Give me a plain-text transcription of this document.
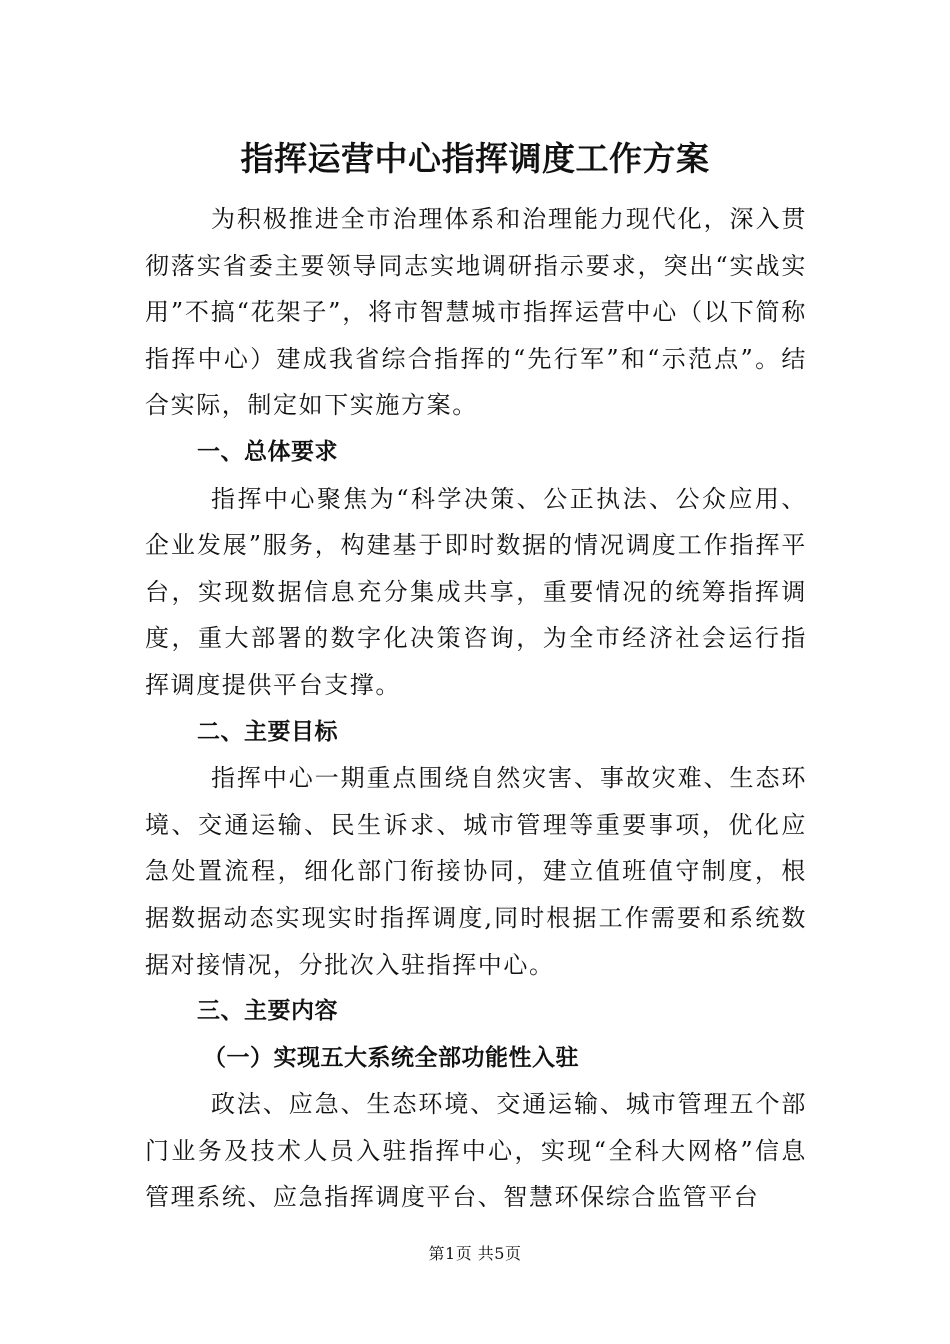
指挥运营中心指挥调度工作方案

为积极推进全市治理体系和治理能力现代化，深入贯彻落实省委主要领导同志实地调研指示要求，突出“实战实用”不搞“花架子”，将市智慧城市指挥运营中心（以下简称指挥中心）建成我省综合指挥的“先行军”和“示范点”。结合实际，制定如下实施方案。

一、总体要求

指挥中心聚焦为“科学决策、公正执法、公众应用、企业发展”服务，构建基于即时数据的情况调度工作指挥平台，实现数据信息充分集成共享，重要情况的统筹指挥调度，重大部署的数字化决策咨询，为全市经济社会运行指挥调度提供平台支撑。

二、主要目标

指挥中心一期重点围绕自然灾害、事故灾难、生态环境、交通运输、民生诉求、城市管理等重要事项，优化应急处置流程，细化部门衔接协同，建立值班值守制度，根据数据动态实现实时指挥调度,同时根据工作需要和系统数据对接情况，分批次入驻指挥中心。

三、主要内容
（一）实现五大系统全部功能性入驻

政法、应急、生态环境、交通运输、城市管理五个部门业务及技术人员入驻指挥中心，实现“全科大网格”信息管理系统、应急指挥调度平台、智慧环保综合监管平台

第1页 共5页
